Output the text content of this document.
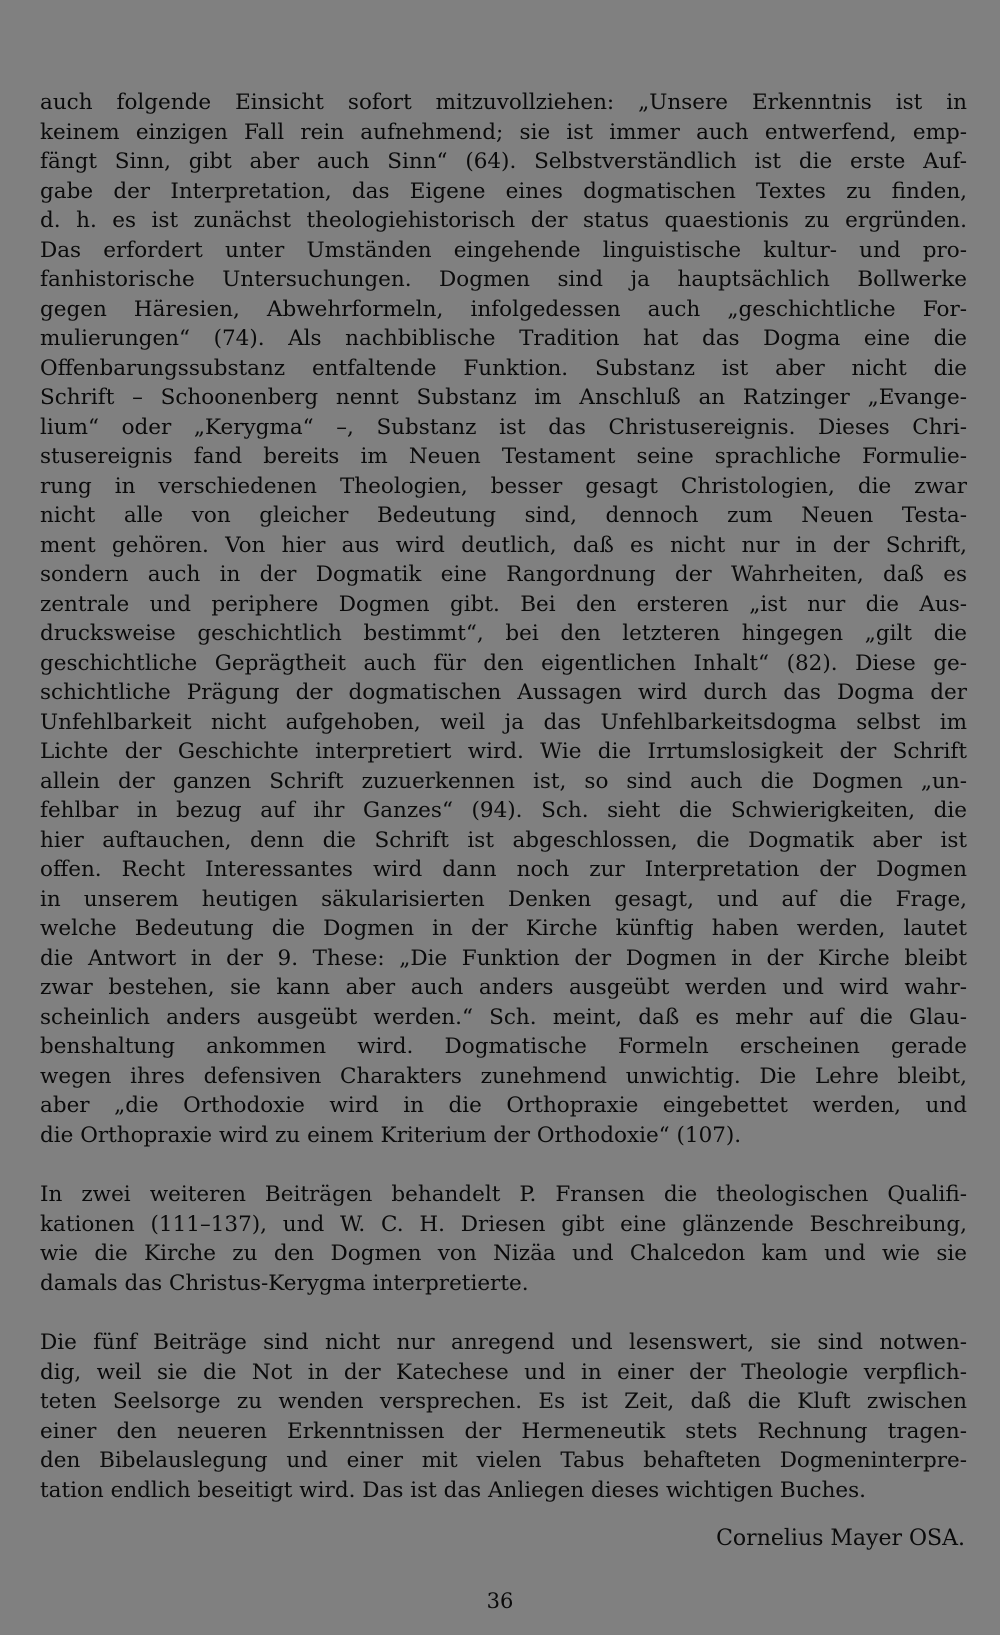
auch folgende Einsicht sofort mitzuvollziehen: „Unsere Erkenntnis ist in
keinem einzigen Fall rein aufnehmend; sie ist immer auch entwerfend, emp-
fängt Sinn, gibt aber auch Sinn“ (64). Selbstverständlich ist die erste Auf-
gabe der Interpretation, das Eigene eines dogmatischen Textes zu finden,
d. h. es ist zunächst theologiehistorisch der status quaestionis zu ergründen.
Das erfordert unter Umständen eingehende linguistische kultur- und pro-
fanhistorische Untersuchungen. Dogmen sind ja hauptsächlich Bollwerke
gegen Häresien, Abwehrformeln, infolgedessen auch „geschichtliche For-
mulierungen“ (74). Als nachbiblische Tradition hat das Dogma eine die
Offenbarungssubstanz entfaltende Funktion. Substanz ist aber nicht die
Schrift – Schoonenberg nennt Substanz im Anschluß an Ratzinger „Evange-
lium“ oder „Kerygma“ –, Substanz ist das Christusereignis. Dieses Chri-
stusereignis fand bereits im Neuen Testament seine sprachliche Formulie-
rung in verschiedenen Theologien, besser gesagt Christologien, die zwar
nicht alle von gleicher Bedeutung sind, dennoch zum Neuen Testa-
ment gehören. Von hier aus wird deutlich, daß es nicht nur in der Schrift,
sondern auch in der Dogmatik eine Rangordnung der Wahrheiten, daß es
zentrale und periphere Dogmen gibt. Bei den ersteren „ist nur die Aus-
drucksweise geschichtlich bestimmt“, bei den letzteren hingegen „gilt die
geschichtliche Geprägtheit auch für den eigentlichen Inhalt“ (82). Diese ge-
schichtliche Prägung der dogmatischen Aussagen wird durch das Dogma der
Unfehlbarkeit nicht aufgehoben, weil ja das Unfehlbarkeitsdogma selbst im
Lichte der Geschichte interpretiert wird. Wie die Irrtumslosigkeit der Schrift
allein der ganzen Schrift zuzuerkennen ist, so sind auch die Dogmen „un-
fehlbar in bezug auf ihr Ganzes“ (94). Sch. sieht die Schwierigkeiten, die
hier auftauchen, denn die Schrift ist abgeschlossen, die Dogmatik aber ist
offen. Recht Interessantes wird dann noch zur Interpretation der Dogmen
in unserem heutigen säkularisierten Denken gesagt, und auf die Frage,
welche Bedeutung die Dogmen in der Kirche künftig haben werden, lautet
die Antwort in der 9. These: „Die Funktion der Dogmen in der Kirche bleibt
zwar bestehen, sie kann aber auch anders ausgeübt werden und wird wahr-
scheinlich anders ausgeübt werden.“ Sch. meint, daß es mehr auf die Glau-
benshaltung ankommen wird. Dogmatische Formeln erscheinen gerade
wegen ihres defensiven Charakters zunehmend unwichtig. Die Lehre bleibt,
aber „die Orthodoxie wird in die Orthopraxie eingebettet werden, und
die Orthopraxie wird zu einem Kriterium der Orthodoxie“ (107).
In zwei weiteren Beiträgen behandelt P. Fransen die theologischen Qualifi-
kationen (111–137), und W. C. H. Driesen gibt eine glänzende Beschreibung,
wie die Kirche zu den Dogmen von Nizäa und Chalcedon kam und wie sie
damals das Christus-Kerygma interpretierte.
Die fünf Beiträge sind nicht nur anregend und lesenswert, sie sind notwen-
dig, weil sie die Not in der Katechese und in einer der Theologie verpflich-
teten Seelsorge zu wenden versprechen. Es ist Zeit, daß die Kluft zwischen
einer den neueren Erkenntnissen der Hermeneutik stets Rechnung tragen-
den Bibelauslegung und einer mit vielen Tabus behafteten Dogmeninterpre-
tation endlich beseitigt wird. Das ist das Anliegen dieses wichtigen Buches.
Cornelius Mayer OSA.
36
